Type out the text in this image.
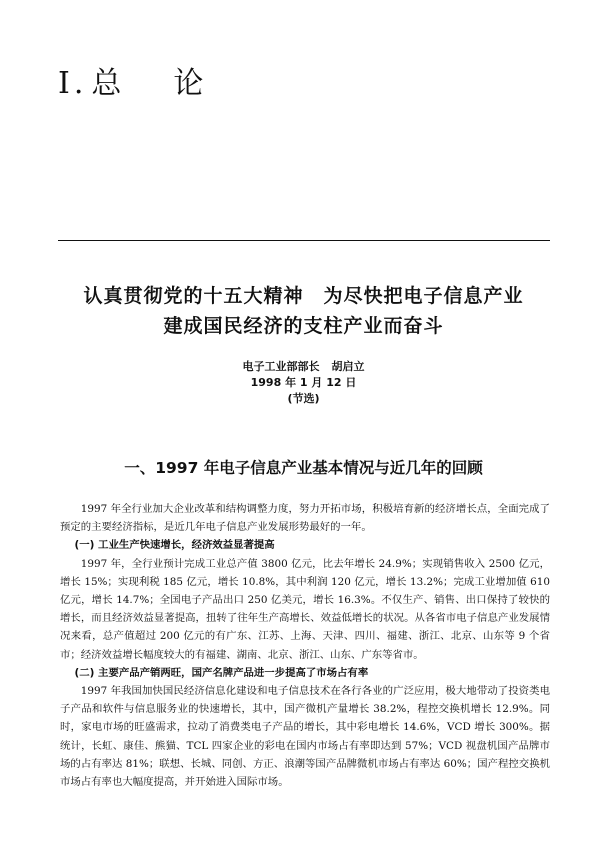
Ⅰ. 总 论
认真贯彻党的十五大精神　为尽快把电子信息产业
建成国民经济的支柱产业而奋斗
电子工业部部长 胡启立
1998 年 1 月 12 日
(节选)
一、1997 年电子信息产业基本情况与近几年的回顾

1997 年全行业加大企业改革和结构调整力度，努力开拓市场，积极培育新的经济增长点，全面完成了预定的主要经济指标，是近几年电子信息产业发展形势最好的一年。

(一) 工业生产快速增长，经济效益显著提高

1997 年，全行业预计完成工业总产值 3800 亿元，比去年增长 24.9%；实现销售收入 2500 亿元，增长 15%；实现利税 185 亿元，增长 10.8%，其中利润 120 亿元，增长 13.2%；完成工业增加值 610 亿元，增长 14.7%；全国电子产品出口 250 亿美元，增长 16.3%。不仅生产、销售、出口保持了较快的增长，而且经济效益显著提高，扭转了往年生产高增长、效益低增长的状况。从各省市电子信息产业发展情况来看，总产值超过 200 亿元的有广东、江苏、上海、天津、四川、福建、浙江、北京、山东等 9 个省市；经济效益增长幅度较大的有福建、湖南、北京、浙江、山东、广东等省市。

(二) 主要产品产销两旺，国产名牌产品进一步提高了市场占有率

1997 年我国加快国民经济信息化建设和电子信息技术在各行各业的广泛应用，极大地带动了投资类电子产品和软件与信息服务业的快速增长，其中，国产微机产量增长 38.2%，程控交换机增长 12.9%。同时，家电市场的旺盛需求，拉动了消费类电子产品的增长，其中彩电增长 14.6%，VCD 增长 300%。据统计，长虹、康佳、熊猫、TCL 四家企业的彩电在国内市场占有率即达到 57%；VCD 视盘机国产品牌市场的占有率达 81%；联想、长城、同创、方正、浪潮等国产品牌微机市场占有率达 60%；国产程控交换机市场占有率也大幅度提高，并开始进入国际市场。
